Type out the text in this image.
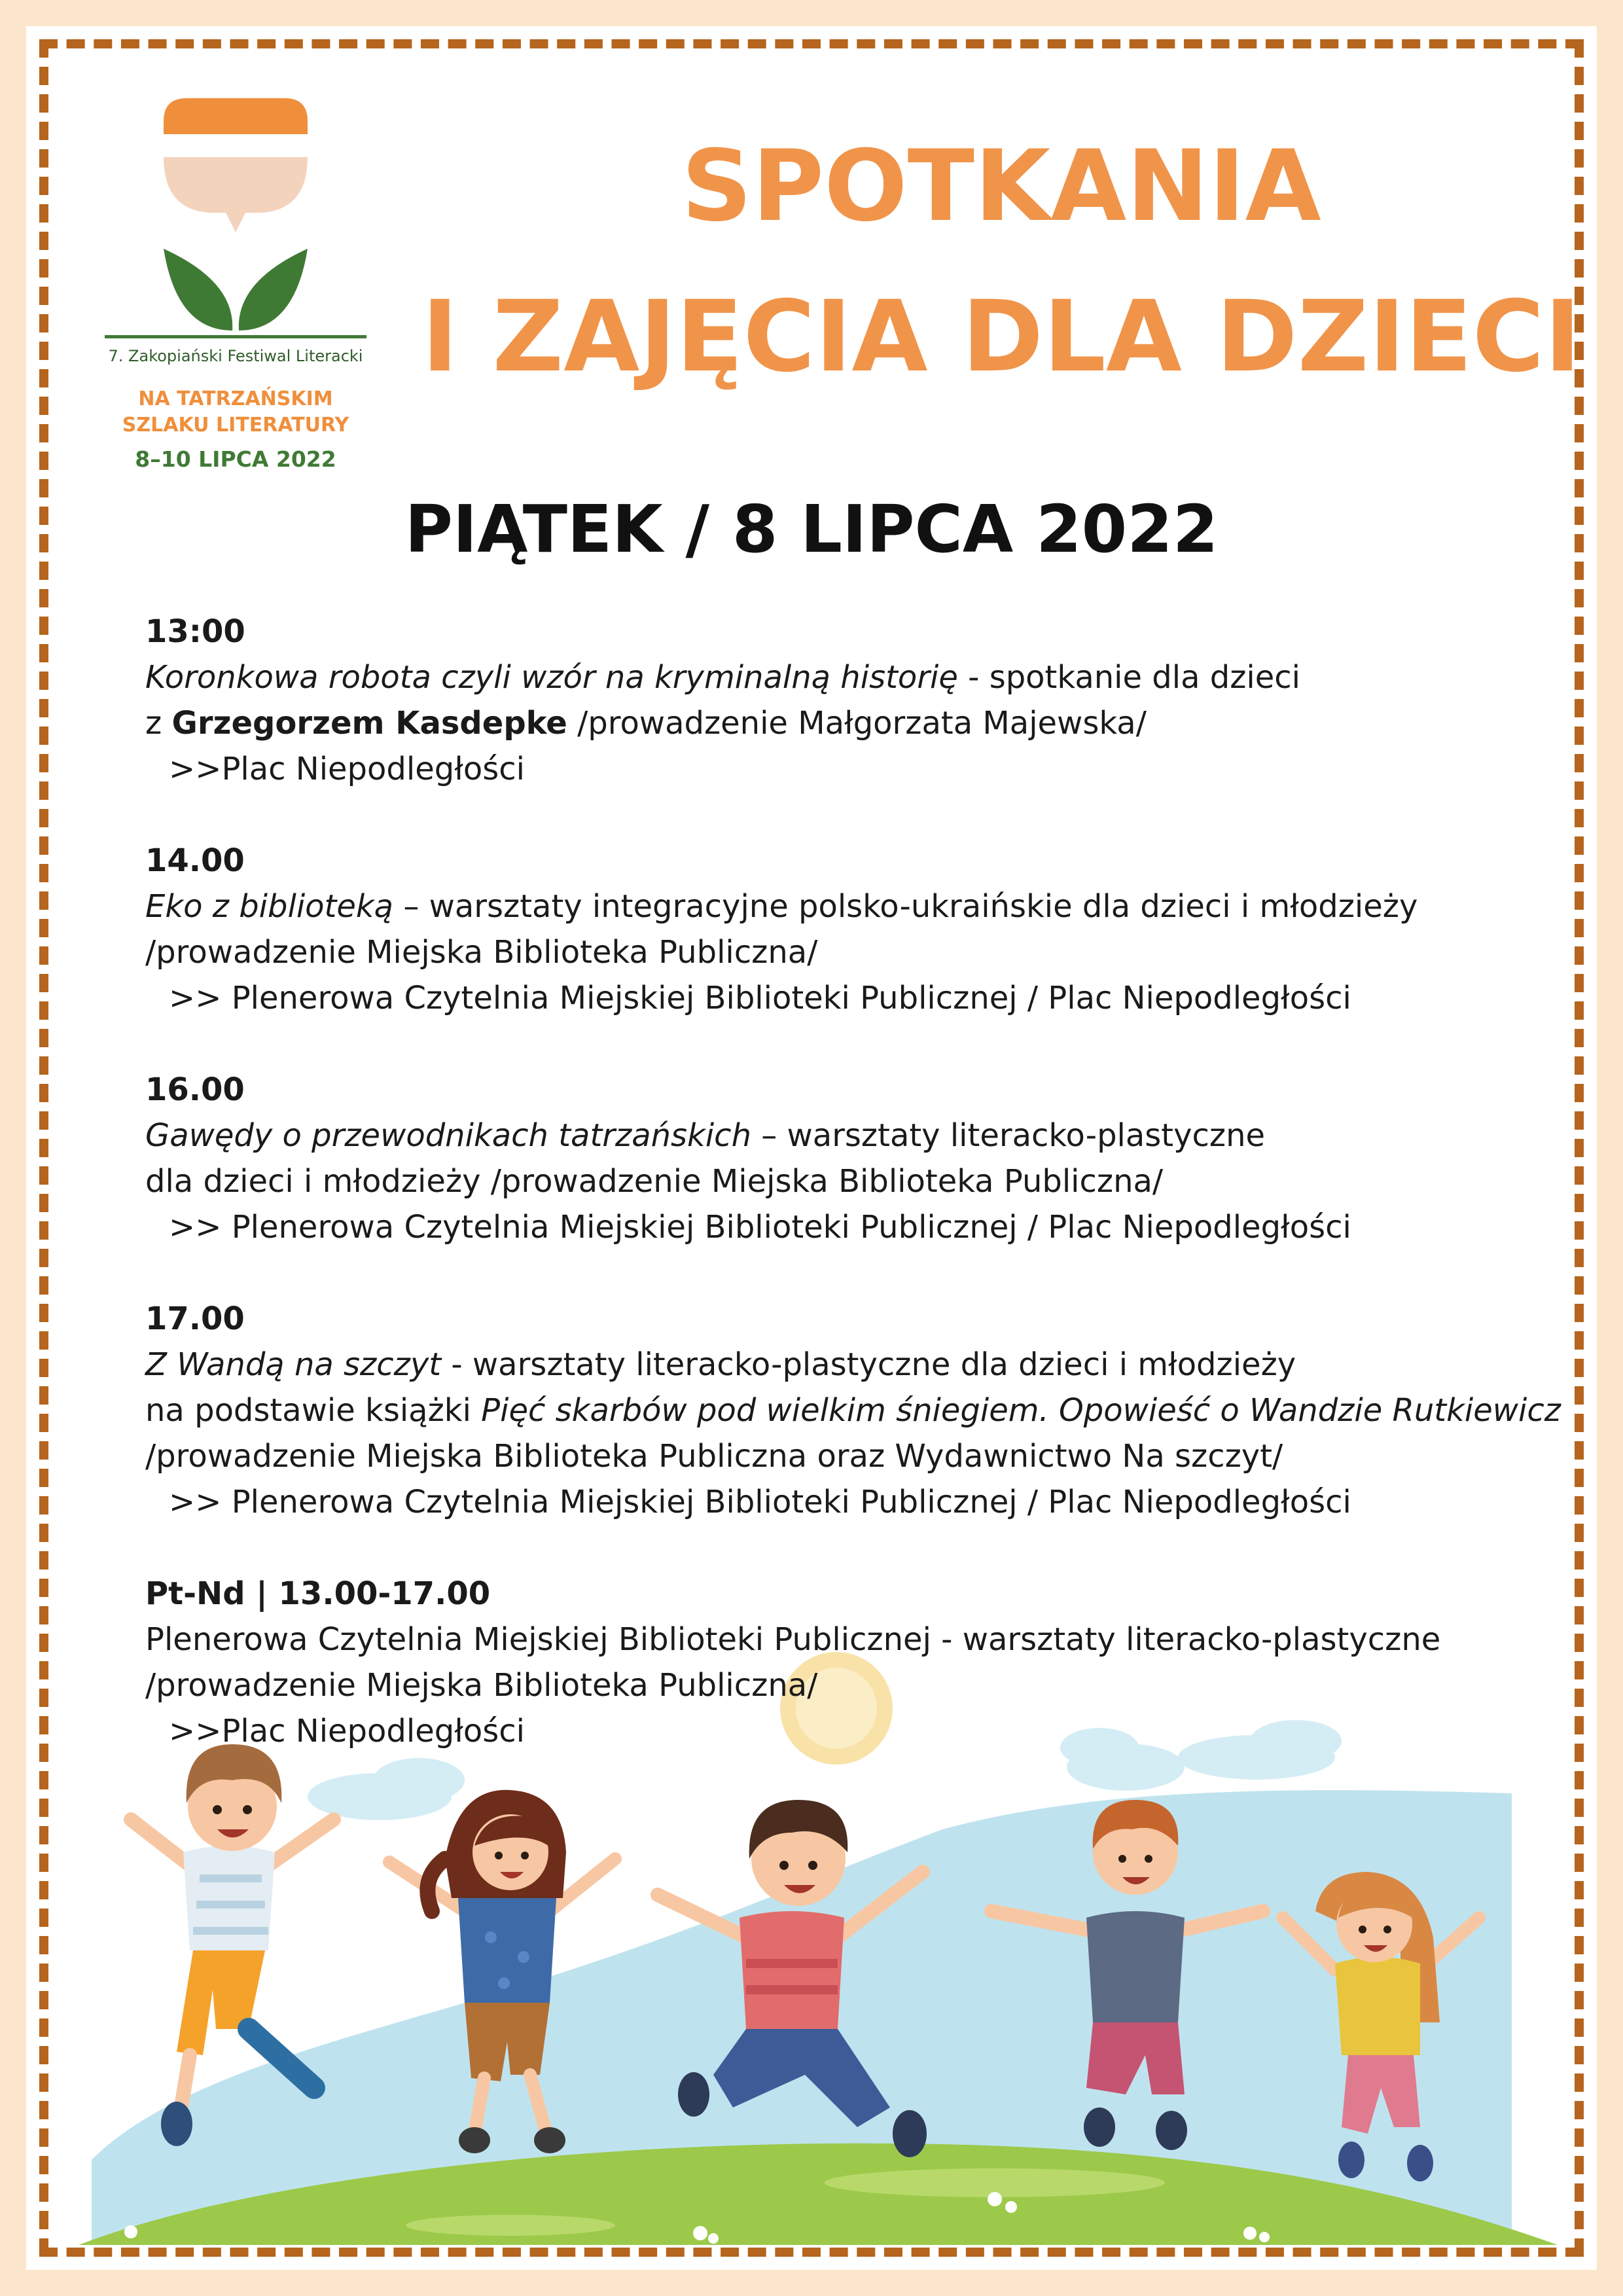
7. Zakopiański Festiwal Literacki
NA TATRZAŃSKIM
SZLAKU LITERATURY
8–10 LIPCA 2022
SPOTKANIA
I ZAJĘCIA DLA DZIECI
PIĄTEK / 8 LIPCA 2022
13:00
Koronkowa robota czyli wzór na kryminalną historię - spotkanie dla dzieci
z Grzegorzem Kasdepke /prowadzenie Małgorzata Majewska/
>>Plac Niepodległości
14.00
Eko z biblioteką – warsztaty integracyjne polsko-ukraińskie dla dzieci i młodzieży
/prowadzenie Miejska Biblioteka Publiczna/
>> Plenerowa Czytelnia Miejskiej Biblioteki Publicznej / Plac Niepodległości
16.00
Gawędy o przewodnikach tatrzańskich – warsztaty literacko-plastyczne
dla dzieci i młodzieży /prowadzenie Miejska Biblioteka Publiczna/
>> Plenerowa Czytelnia Miejskiej Biblioteki Publicznej / Plac Niepodległości
17.00
Z Wandą na szczyt - warsztaty literacko-plastyczne dla dzieci i młodzieży
na podstawie książki Pięć skarbów pod wielkim śniegiem. Opowieść o Wandzie Rutkiewicz
/prowadzenie Miejska Biblioteka Publiczna oraz Wydawnictwo Na szczyt/
>> Plenerowa Czytelnia Miejskiej Biblioteki Publicznej / Plac Niepodległości
Pt-Nd | 13.00-17.00
Plenerowa Czytelnia Miejskiej Biblioteki Publicznej - warsztaty literacko-plastyczne
/prowadzenie Miejska Biblioteka Publiczna/
>>Plac Niepodległości
